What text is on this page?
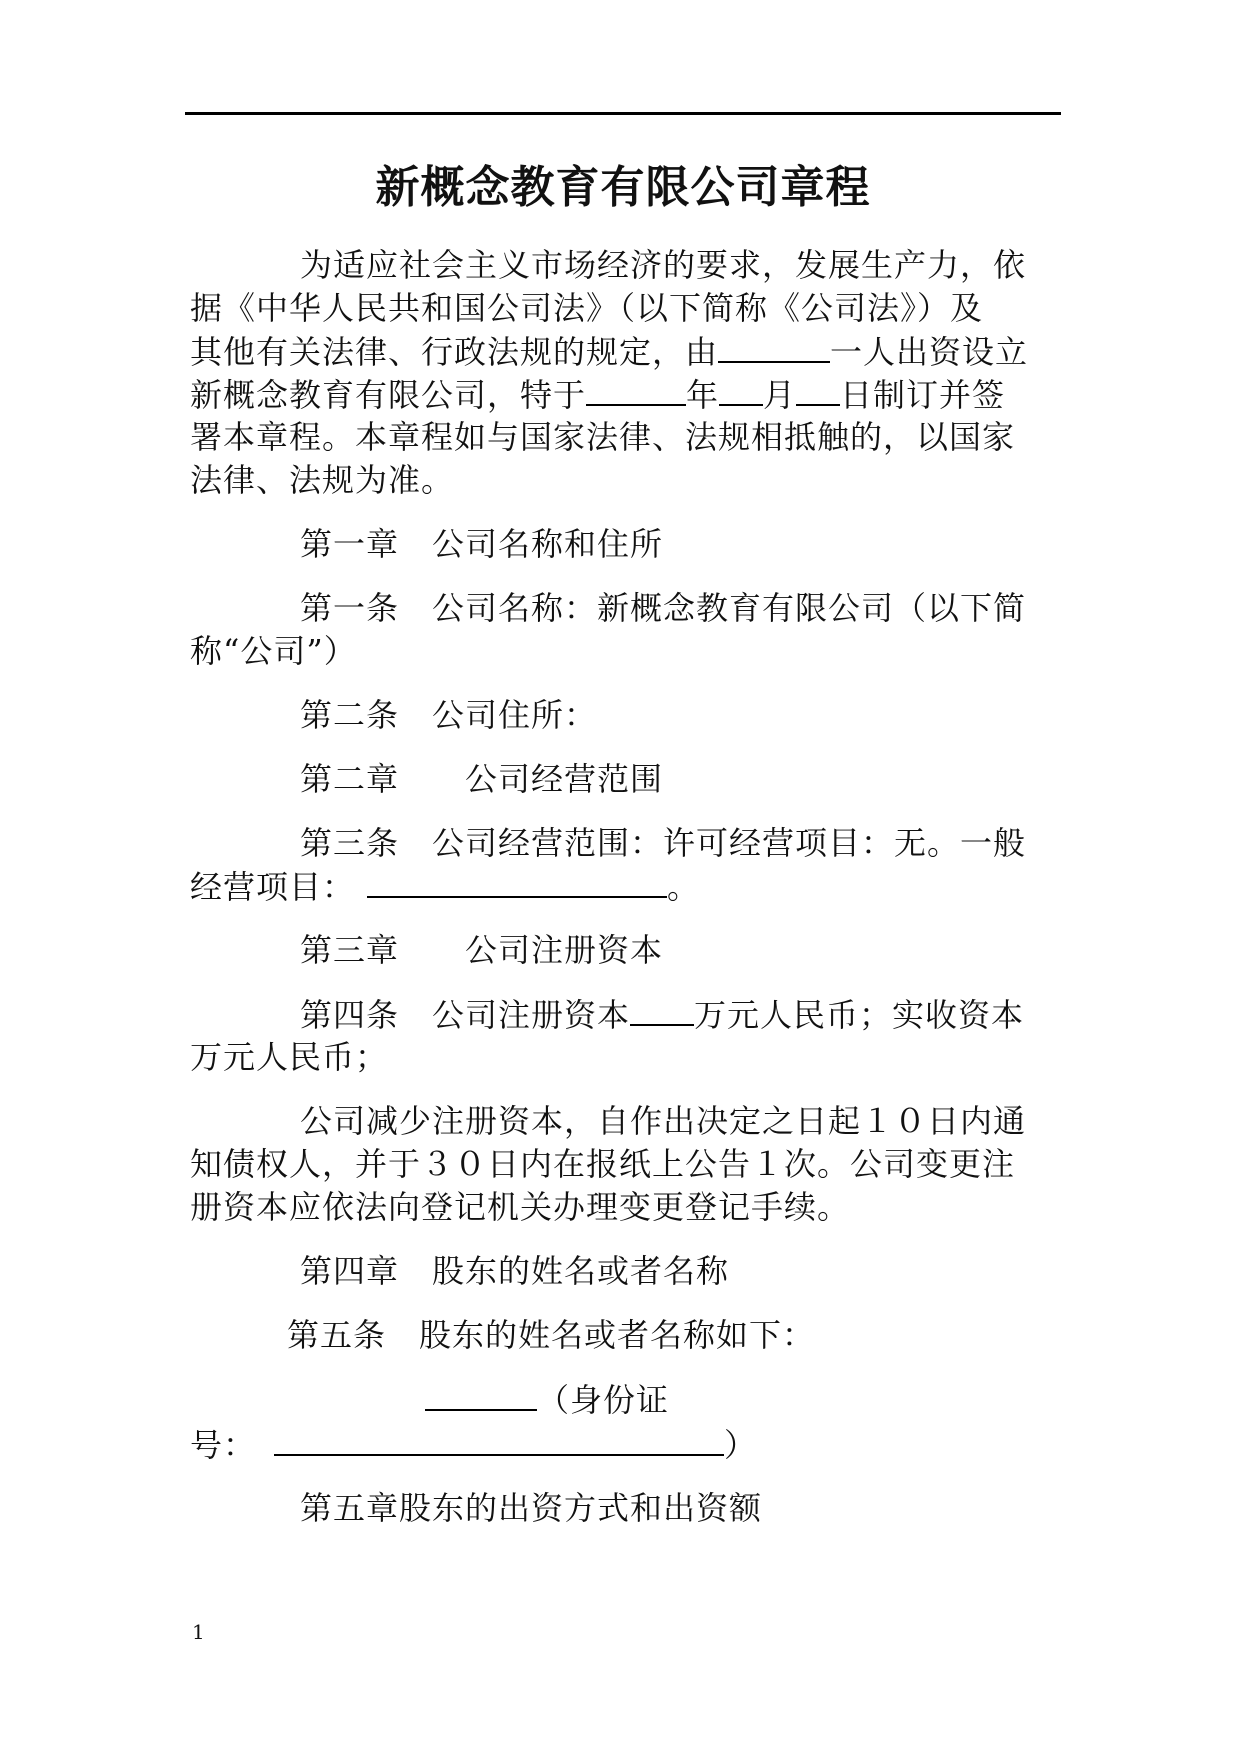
新概念教育有限公司章程
为适应社会主义市场经济的要求，发展生产力，依
据《中华人民共和国公司法》（以下简称《公司法》）及
其他有关法律、行政法规的规定，由	一人出资设立
新概念教育有限公司，特于	年 月 日制订并签
署本章程。本章程如与国家法律、法规相抵触的，以国家
法律、法规为准。
第一章　公司名称和住所
第一条　公司名称：新概念教育有限公司（以下简
称“公司”）
第二条　公司住所：
第二章　　公司经营范围
第三条　公司经营范围：许可经营项目：无。一般
经营项目：	。
第三章　　公司注册资本
第四条　公司注册资本 万元人民币；实收资本
万元人民币；
公司减少注册资本，自作出决定之日起１０日内通
知债权人，并于３０日内在报纸上公告１次。公司变更注
册资本应依法向登记机关办理变更登记手续。
第四章　股东的姓名或者名称
第五条　股东的姓名或者名称如下：
（身份证
号：	）
第五章股东的出资方式和出资额
1
